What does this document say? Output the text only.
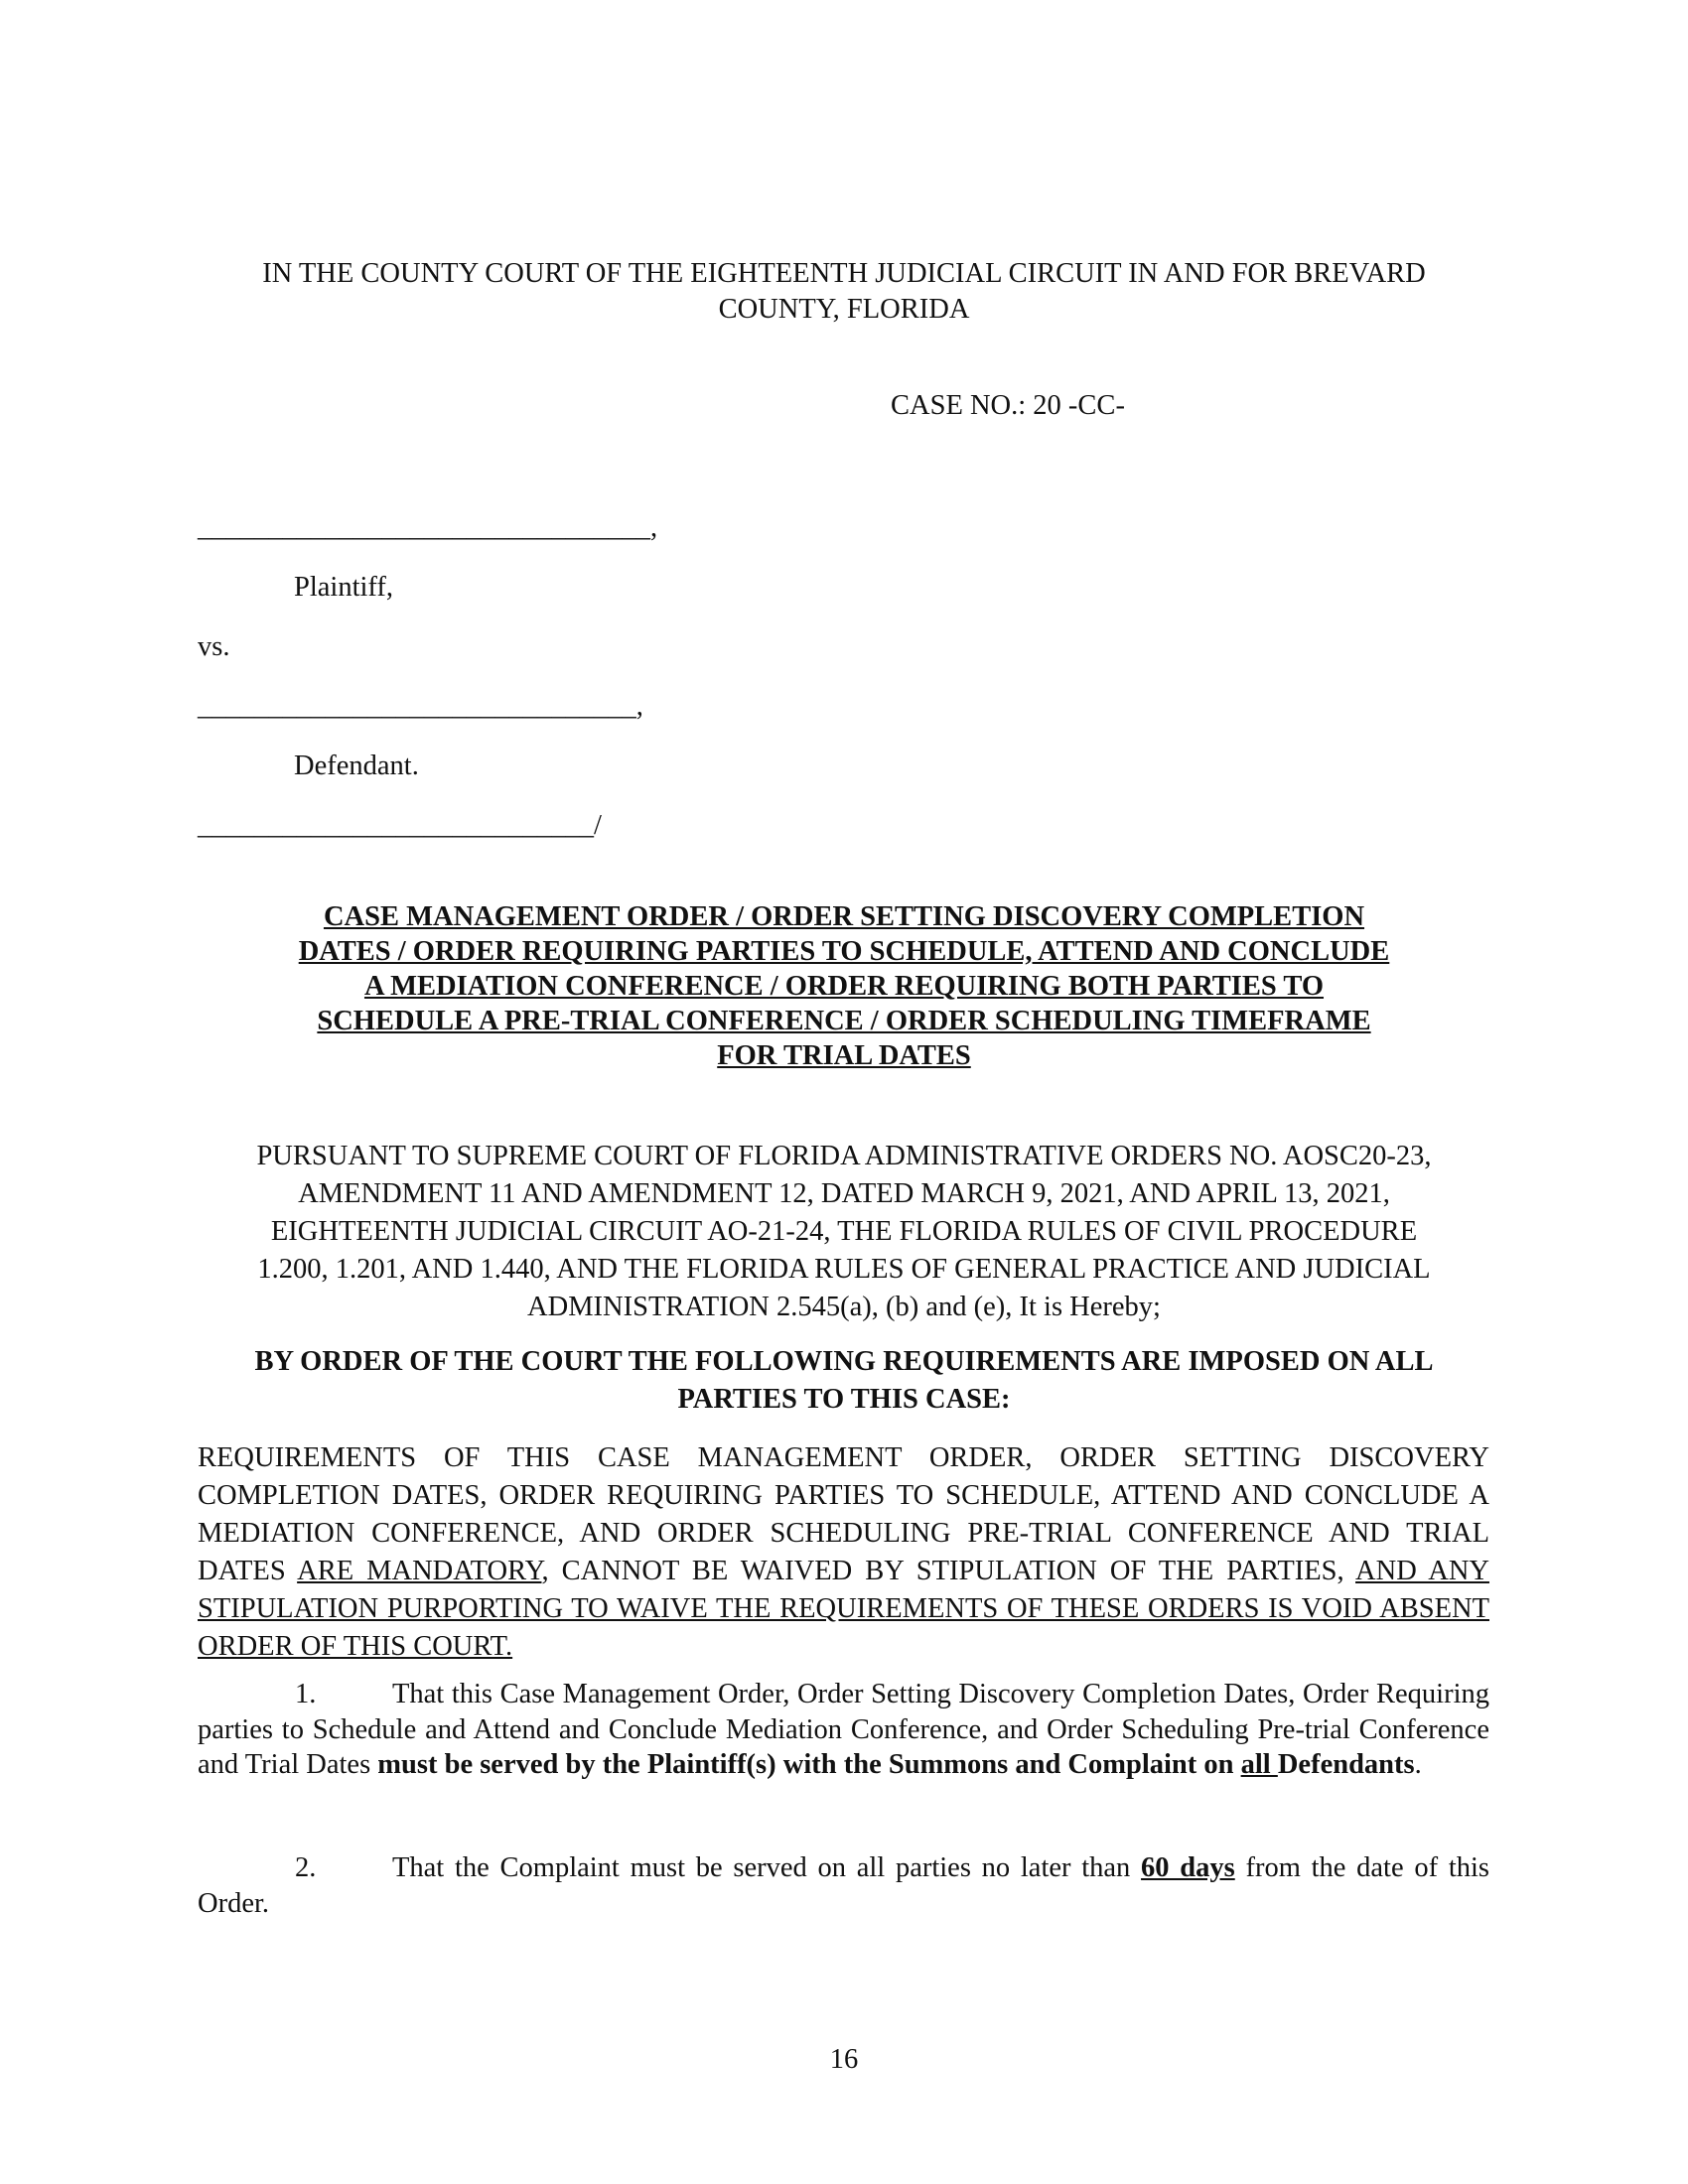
IN THE COUNTY COURT OF THE EIGHTEENTH JUDICIAL CIRCUIT IN AND FOR BREVARD
COUNTY, FLORIDA
CASE NO.: 20 -CC-
________________________________,
Plaintiff,
vs.
_______________________________,
Defendant.
____________________________/
CASE MANAGEMENT ORDER / ORDER SETTING DISCOVERY COMPLETION
DATES / ORDER REQUIRING PARTIES TO SCHEDULE, ATTEND AND CONCLUDE
A MEDIATION CONFERENCE / ORDER REQUIRING BOTH PARTIES TO
SCHEDULE A PRE-TRIAL CONFERENCE / ORDER SCHEDULING TIMEFRAME
FOR TRIAL DATES
PURSUANT TO SUPREME COURT OF FLORIDA ADMINISTRATIVE ORDERS NO. AOSC20-23,
AMENDMENT 11 AND AMENDMENT 12, DATED MARCH 9, 2021, AND APRIL 13, 2021,
EIGHTEENTH JUDICIAL CIRCUIT AO-21-24, THE FLORIDA RULES OF CIVIL PROCEDURE
1.200, 1.201, AND 1.440, AND THE FLORIDA RULES OF GENERAL PRACTICE AND JUDICIAL
ADMINISTRATION 2.545(a), (b) and (e), It is Hereby;
BY ORDER OF THE COURT THE FOLLOWING REQUIREMENTS ARE IMPOSED ON ALL
PARTIES TO THIS CASE:
REQUIREMENTS OF THIS CASE MANAGEMENT ORDER, ORDER SETTING DISCOVERY COMPLETION DATES, ORDER REQUIRING PARTIES TO SCHEDULE, ATTEND AND CONCLUDE A MEDIATION CONFERENCE, AND ORDER SCHEDULING PRE-TRIAL CONFERENCE AND TRIAL DATES ARE MANDATORY, CANNOT BE WAIVED BY STIPULATION OF THE PARTIES, AND ANY STIPULATION PURPORTING TO WAIVE THE REQUIREMENTS OF THESE ORDERS IS VOID ABSENT ORDER OF THIS COURT.
1.	That this Case Management Order, Order Setting Discovery Completion Dates, Order Requiring parties to Schedule and Attend and Conclude Mediation Conference, and Order Scheduling Pre-trial Conference and Trial Dates must be served by the Plaintiff(s) with the Summons and Complaint on all Defendants.
2.	That the Complaint must be served on all parties no later than 60 days from the date of this Order.
16
